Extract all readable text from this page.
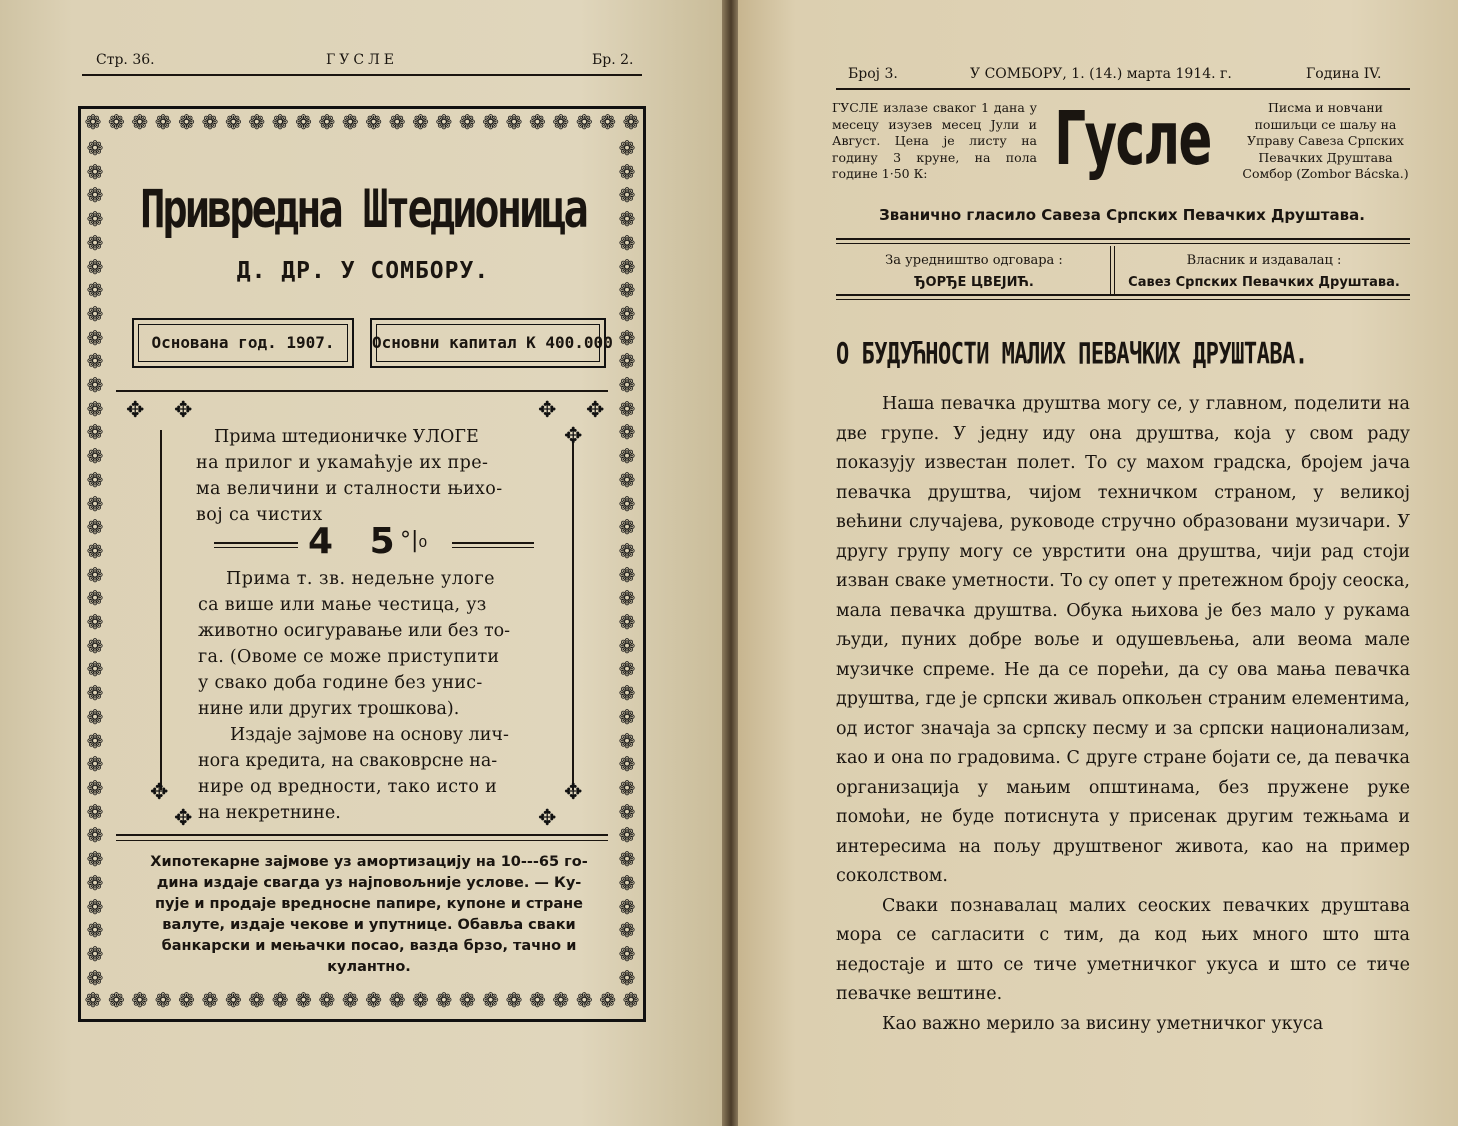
Стр. 36.	ГУСЛЕ	Бр. 2.
❁ ❁ ❁ ❁ ❁ ❁ ❁ ❁ ❁ ❁ ❁ ❁ ❁ ❁ ❁ ❁ ❁ ❁ ❁ ❁ ❁ ❁ ❁ ❁
❁ ❁ ❁ ❁ ❁ ❁ ❁ ❁ ❁ ❁ ❁ ❁ ❁ ❁ ❁ ❁ ❁ ❁ ❁ ❁ ❁ ❁ ❁ ❁
❁
❁
❁
❁
❁
❁
❁
❁
❁
❁
❁
❁
❁
❁
❁
❁
❁
❁
❁
❁
❁
❁
❁
❁
❁
❁
❁
❁
❁
❁
❁
❁
❁
❁
❁
❁
❁
❁
❁
❁
❁
❁
❁
❁
❁
❁
❁
❁
❁
❁
❁
❁
❁
❁
❁
❁
❁
❁
❁
❁
❁
❁
❁
❁
❁
❁
❁
❁
❁
❁
❁
❁
Привредна Штедионица
Д. ДР. У СОМБОРУ.
Основана год. 1907.	Основни капитал К 400.000
✥ ✥	✥ ✥
✥
✥	✥
✥	✥
Прима штедионичке УЛОГЕ
на прилог и укамаћује их пре-
ма величини и сталности њихо-
вој са чистих
4 5
°|₀
Прима т. зв. недељне улоге
са више или мање честица, уз
животно осигуравање или без то-
га. (Овоме се може приступити
у свако доба године без унис-
нине или других трошкова).
Издаје зајмове на основу лич-
нога кредита, на сваковрсне на-
нире од вредности, тако исто и
на некретнине.
Хипотекарне зајмове уз амортизацију на 10---65 го-
дина издаје свагда уз најповољније услове. — Ку-
пује и продаје вредносне папире, купоне и стране
валуте, издаје чекове и упутнице. Обавља сваки
банкарски и мењачки посао, вазда брзо, тачно и
кулантно.
Број 3.	У СОМБОРУ, 1. (14.) марта 1914. г.	Година IV.
ГУСЛЕ излазе сваког 1 дана у месецу изузев месец Јули и Август. Цена је листу на годину 3 круне, на пола године 1·50 К:	Гусле	Писма и новчани пошиљци се шаљу на Управу Савеза Српских Певачких Друштава Сомбор (Zombor Bácska.)
Званично гласило Савеза Српских Певачких Друштава.
За уредништво одговара :
ЂОРЂЕ ЦВЕЈИЋ.
Власник и издавалац :
Савез Српских Певачких Друштава.
О БУДУЋНОСТИ МАЛИХ ПЕВАЧКИХ ДРУШТАВА.

Наша певачка друштва могу се, у главном, поделити на две групе. У једну иду она друштва, која у свом раду показују известан полет. То су махом градска, бројем јача певачка друштва, чијом техничком страном, у великој већини случајева, руководе стручно образовани музичари. У другу групу могу се уврстити она друштва, чији рад стоји изван сваке уметности. То су опет у претежном броју сеоска, мала певачка друштва. Обука њихова је без мало у рукама људи, пуних добре воље и одушевљења, али веома мале музичке спреме. Не да се порећи, да су ова мања певачка друштва, где је српски живаљ опкољен страним елементима, од истог значаја за српску песму и за српски национализам, као и она по градовима. С друге стране бојати се, да певачка организација у мањим општинама, без пружене руке помоћи, не буде потиснута у присенак другим тежњама и интересима на пољу друштвеног живота, као на пример соколством.

Сваки познавалац малих сеоских певачких друштава мора се сагласити с тим, да код њих много што шта недостаје и што се тиче уметничког укуса и што се тиче певачке вештине.

Као важно мерило за висину уметничког укуса
